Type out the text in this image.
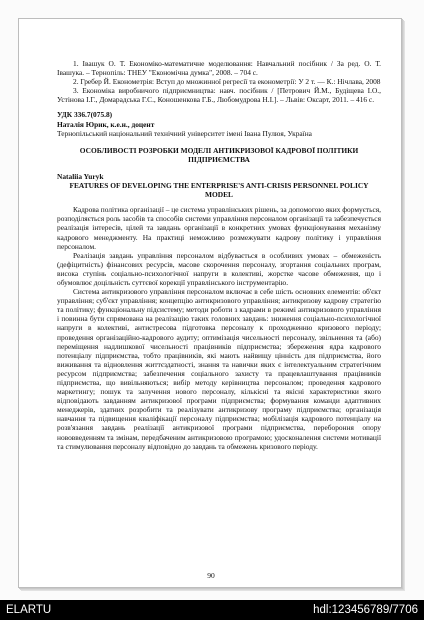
1. Івашук О. Т. Економіко-математичне моделювання: Навчальний посібник / За ред. О. Т. Івашука. – Тернопіль: ТНЕУ "Економічна думка", 2008. – 704 с.

2. Гребер Й. Економетрія: Вступ до множинної регресії та економетрії: У 2 т. — К.: Нічлава, 2008

3. Економіка виробничого підприємництва: навч. посібник / [Петрович Й.М., Будіщева І.О., Устінова І.Г., Домарадська Г.С., Коношенкова Г.Б., Любомудрова Н.І.]. – Львів: Оксарт, 2011. – 416 с.

УДК 336.7(075.8)

Наталія Юрик, к.е.н., доцент

Тернопільський національний технічний університет імені Івана Пулюя, Україна

ОСОБЛИВОСТІ РОЗРОБКИ МОДЕЛІ АНТИКРИЗОВОЇ КАДРОВОЇ ПОЛІТИКИ ПІДПРИЄМСТВА

Nataliia Yuryk

FEATURES OF DEVELOPING THE ENTERPRISE'S ANTI-CRISIS PERSONNEL POLICY MODEL

Кадрова політика організації – це система управлінських рішень, за допомогою яких формується, розподіляється роль засобів та способів системи управління персоналом організації та забезпечується реалізація інтересів, цілей та завдань організації в конкретних умовах функціонування механізму кадрового менеджменту. На практиці неможливо розмежувати кадрову політику і управління персоналом.

Реалізація завдань управління персоналом відбувається в особливих умовах – обмеженість (дефіцитність) фінансових ресурсів, масове скорочення персоналу, згортання соціальних програм, висока ступінь соціально-психологічної напруги в колективі, жорстке часове обмеження, що і обумовлює доцільність суттєвої корекції управлінського інструментарію.

Система антикризового управління персоналом включає в себе шість основних елементів: об'єкт управління; суб'єкт управління; концепцію антикризового управління; антикризову кадрову стратегію та політику; функціональну підсистему; методи роботи з кадрами в режимі антикризового управління і повинна бути спрямована на реалізацію таких головних завдань: зниження соціально-психологічної напруги в колективі, антистресова підготовка персоналу к проходженню кризового періоду; проведення організаційно-кадрового аудиту; оптимізація чисельності персоналу, звільнення та (або) переміщення надлишкової чисельності працівників підприємства; збереження ядра кадрового потенціалу підприємства, тобто працівників, які мають найвищу цінність для підприємства, його виживання та відновлення життєздатності, знання та навички яких є інтелектуальним стратегічним ресурсом підприємства; забезпечення соціального захисту та працевлаштування працівників підприємства, що вивільняються; вибір методу керівництва персоналом; проведення кадрового маркетингу; пошук та залучення нового персоналу, кількісні та якісні характеристики якого відповідають завданням антикризової програми підприємства; формування команди адаптивних менеджерів, здатних розробити та реалізувати антикризову програму підприємства; організація навчання та підвищення кваліфікації персоналу підприємства; мобілізація кадрового потенціалу на розв'язання завдань реалізації антикризової програми підприємства, перебороння опору нововведенням та змінам, передбаченим антикризовою програмою; удосконалення системи мотивації та стимулювання персоналу відповідно до завдань та обмежень кризового періоду.

90
ELARTU	hdl:123456789/7706
